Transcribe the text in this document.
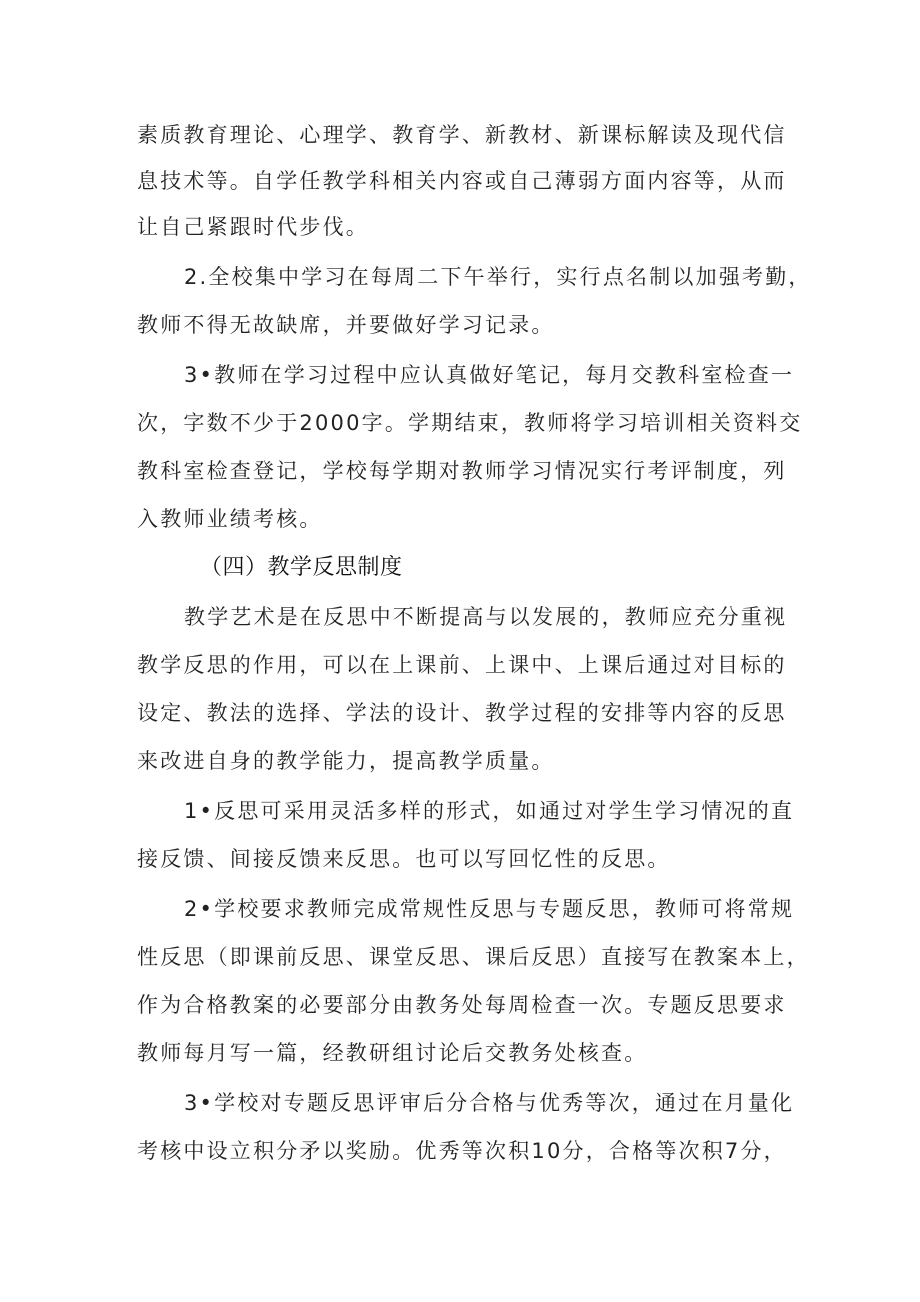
素质教育理论、心理学、教育学、新教材、新课标解读及现代信
息技术等。自学任教学科相关内容或自己薄弱方面内容等，从而
让自己紧跟时代步伐。
2.全校集中学习在每周二下午举行，实行点名制以加强考勤，
教师不得无故缺席，并要做好学习记录。
3•教师在学习过程中应认真做好笔记，每月交教科室检查一
次，字数不少于2000字。学期结束，教师将学习培训相关资料交
教科室检查登记，学校每学期对教师学习情况实行考评制度，列
入教师业绩考核。
（四）教学反思制度
教学艺术是在反思中不断提高与以发展的，教师应充分重视
教学反思的作用，可以在上课前、上课中、上课后通过对目标的
设定、教法的选择、学法的设计、教学过程的安排等内容的反思
来改进自身的教学能力，提高教学质量。
1•反思可采用灵活多样的形式，如通过对学生学习情况的直
接反馈、间接反馈来反思。也可以写回忆性的反思。
2•学校要求教师完成常规性反思与专题反思，教师可将常规
性反思（即课前反思、课堂反思、课后反思）直接写在教案本上，
作为合格教案的必要部分由教务处每周检查一次。专题反思要求
教师每月写一篇，经教研组讨论后交教务处核查。
3•学校对专题反思评审后分合格与优秀等次，通过在月量化
考核中设立积分矛以奖励。优秀等次积10分，合格等次积7分，
